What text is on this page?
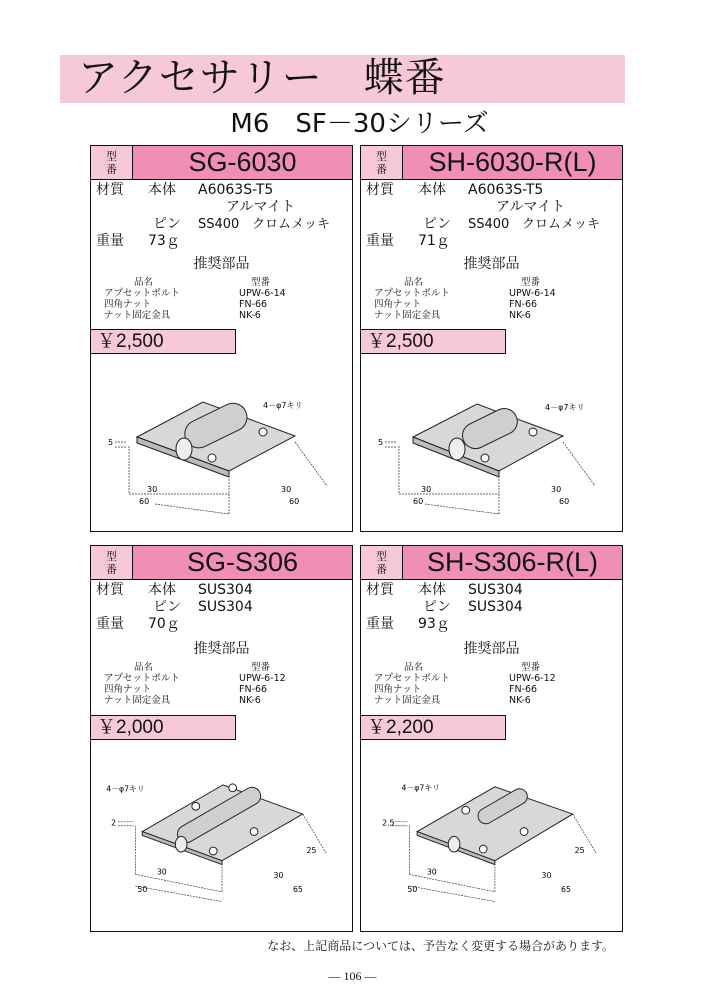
アクセサリー　蝶番
M6　SF－30シリーズ
型
番	SG-6030
材質	本体	A6063S-T5
アルマイト
ピン	SS400 クロムメッキ
重量	73ｇ
推奨部品
品名	型番
アプセットボルト	UPW-6-14
四角ナット	FN-66
ナット固定金具	NK-6
￥2,500
5
4－φ7キリ
30
60
30
60
型
番	SH-6030-R(L)
材質	本体	A6063S-T5
アルマイト
ピン	SS400 クロムメッキ
重量	71ｇ
推奨部品
品名	型番
アプセットボルト	UPW-6-14
四角ナット	FN-66
ナット固定金具	NK-6
￥2,500
5
4－φ7キリ
30
60
30
60
型
番	SG-S306
材質	本体	SUS304
ピン	SUS304
重量	70ｇ
推奨部品
品名	型番
アプセットボルト	UPW-6-12
四角ナット	FN-66
ナット固定金具	NK-6
￥2,000
2
4－φ7キリ
30
50
30
65
25
型
番	SH-S306-R(L)
材質	本体	SUS304
ピン	SUS304
重量	93ｇ
推奨部品
品名	型番
アプセットボルト	UPW-6-12
四角ナット	FN-66
ナット固定金具	NK-6
￥2,200
2.5
4－φ7キリ
30
50
30
65
25
なお、上記商品については、予告なく変更する場合があります。
— 106 —
